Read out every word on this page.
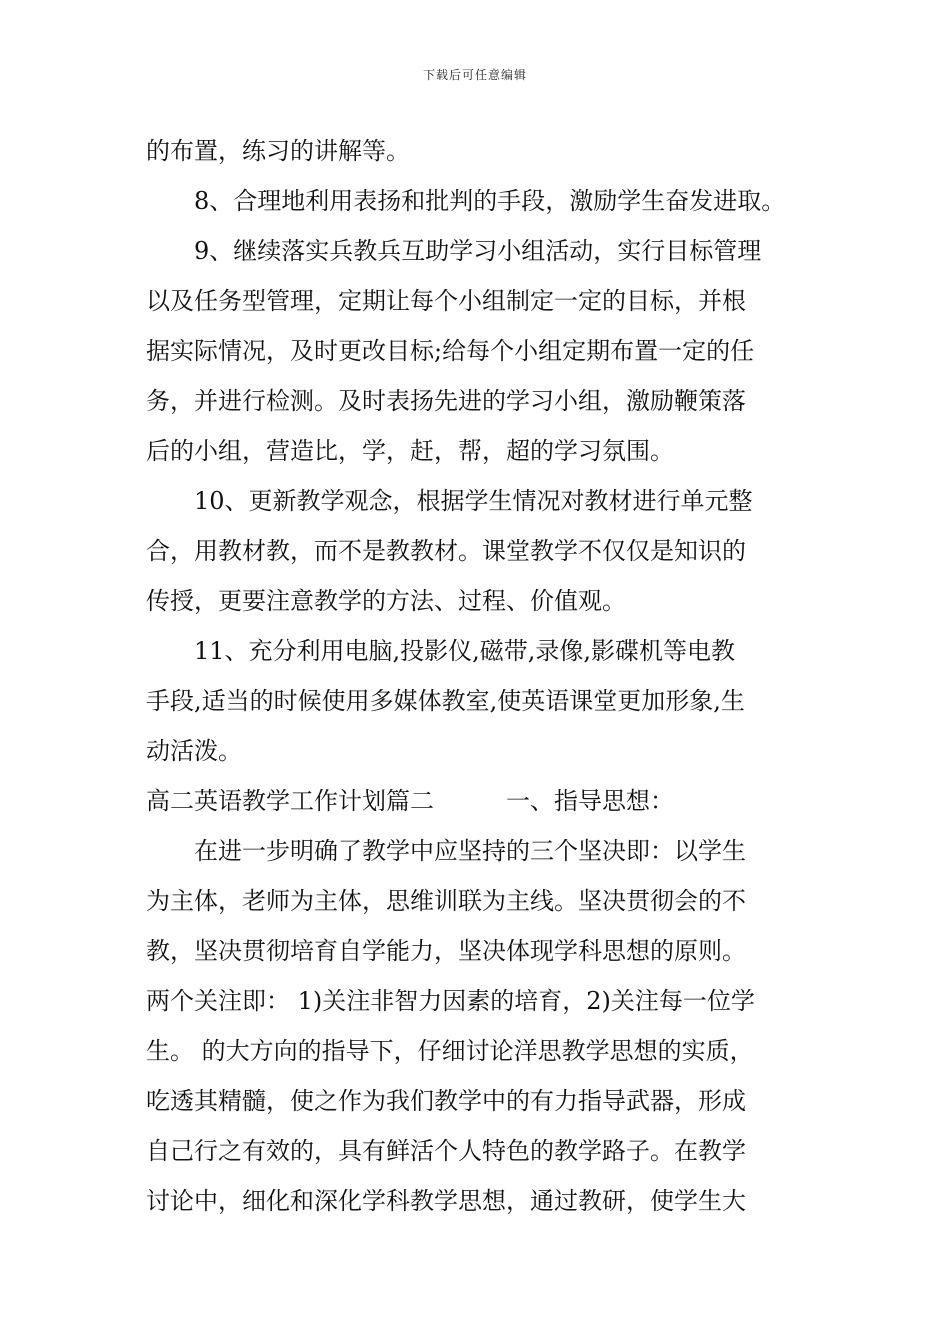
下载后可任意编辑
的布置，练习的讲解等。
8、合理地利用表扬和批判的手段，激励学生奋发进取。
9、继续落实兵教兵互助学习小组活动，实行目标管理
以及任务型管理，定期让每个小组制定一定的目标，并根
据实际情况，及时更改目标;给每个小组定期布置一定的任
务，并进行检测。及时表扬先进的学习小组，激励鞭策落
后的小组，营造比，学，赶，帮，超的学习氛围。
10、更新教学观念，根据学生情况对教材进行单元整
合，用教材教，而不是教教材。课堂教学不仅仅是知识的
传授，更要注意教学的方法、过程、价值观。
11、充分利用电脑,投影仪,磁带,录像,影碟机等电教
手段,适当的时候使用多媒体教室,使英语课堂更加形象,生
动活泼。
高二英语教学工作计划篇二	一、指导思想：
在进一步明确了教学中应坚持的三个坚决即：以学生
为主体，老师为主体，思维训联为主线。坚决贯彻会的不
教，坚决贯彻培育自学能力，坚决体现学科思想的原则。
两个关注即： 1)关注非智力因素的培育，2)关注每一位学
生。 的大方向的指导下，仔细讨论洋思教学思想的实质，
吃透其精髓，使之作为我们教学中的有力指导武器，形成
自己行之有效的，具有鲜活个人特色的教学路子。在教学
讨论中，细化和深化学科教学思想，通过教研，使学生大
